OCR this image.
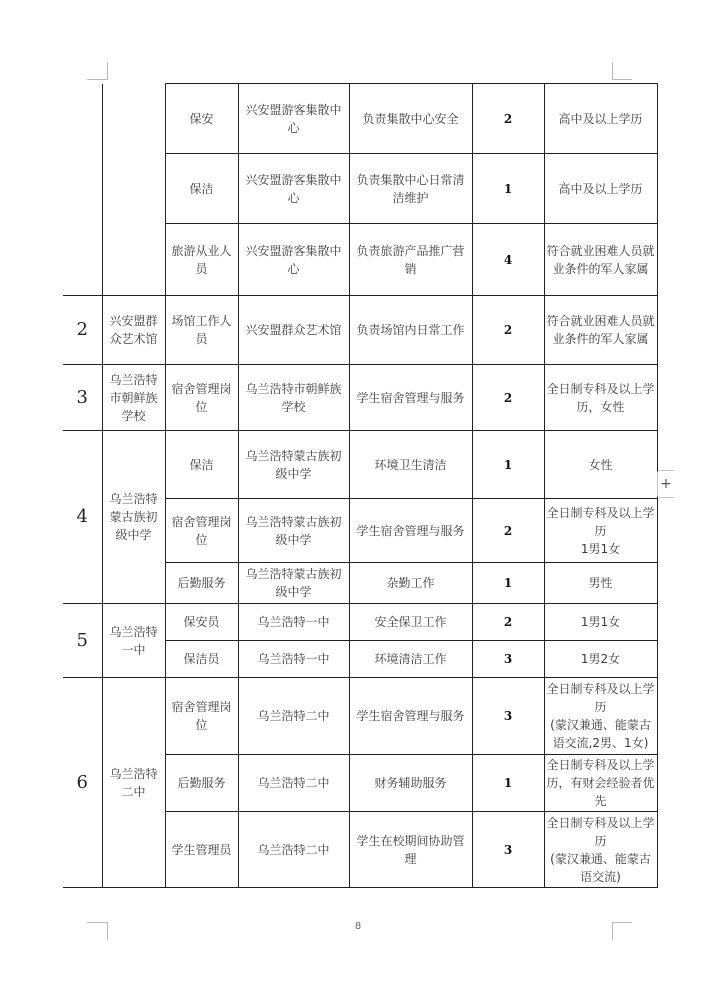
		保安	兴安盟游客集散中心	负责集散中心安全	2	高中及以上学历
		保洁	兴安盟游客集散中心	负责集散中心日常清洁维护	1	高中及以上学历
		旅游从业人员	兴安盟游客集散中心	负责旅游产品推广营销	4	符合就业困难人员就业条件的军人家属
2	兴安盟群众艺术馆	场馆工作人员	兴安盟群众艺术馆	负责场馆内日常工作	2	符合就业困难人员就业条件的军人家属
3	乌兰浩特市朝鲜族学校	宿舍管理岗位	乌兰浩特市朝鲜族学校	学生宿舍管理与服务	2	全日制专科及以上学历，女性
4	乌兰浩特蒙古族初级中学	保洁	乌兰浩特蒙古族初级中学	环境卫生清洁	1	女性
		宿舍管理岗位	乌兰浩特蒙古族初级中学	学生宿舍管理与服务	2	全日制专科及以上学历
1男1女

		后勤服务	乌兰浩特蒙古族初级中学	杂勤工作	1	男性
5	乌兰浩特一中	保安员	乌兰浩特一中	安全保卫工作	2	1男1女
		保洁员	乌兰浩特一中	环境清洁工作	3	1男2女
6	乌兰浩特二中	宿舍管理岗位	乌兰浩特二中	学生宿舍管理与服务	3	全日制专科及以上学历
(蒙汉兼通、能蒙古语交流,2男、1女)

		后勤服务	乌兰浩特二中	财务辅助服务	1	全日制专科及以上学历，有财会经验者优先
		学生管理员	乌兰浩特二中	学生在校期间协助管理	3	全日制专科及以上学历
(蒙汉兼通、能蒙古语交流)
+
8
